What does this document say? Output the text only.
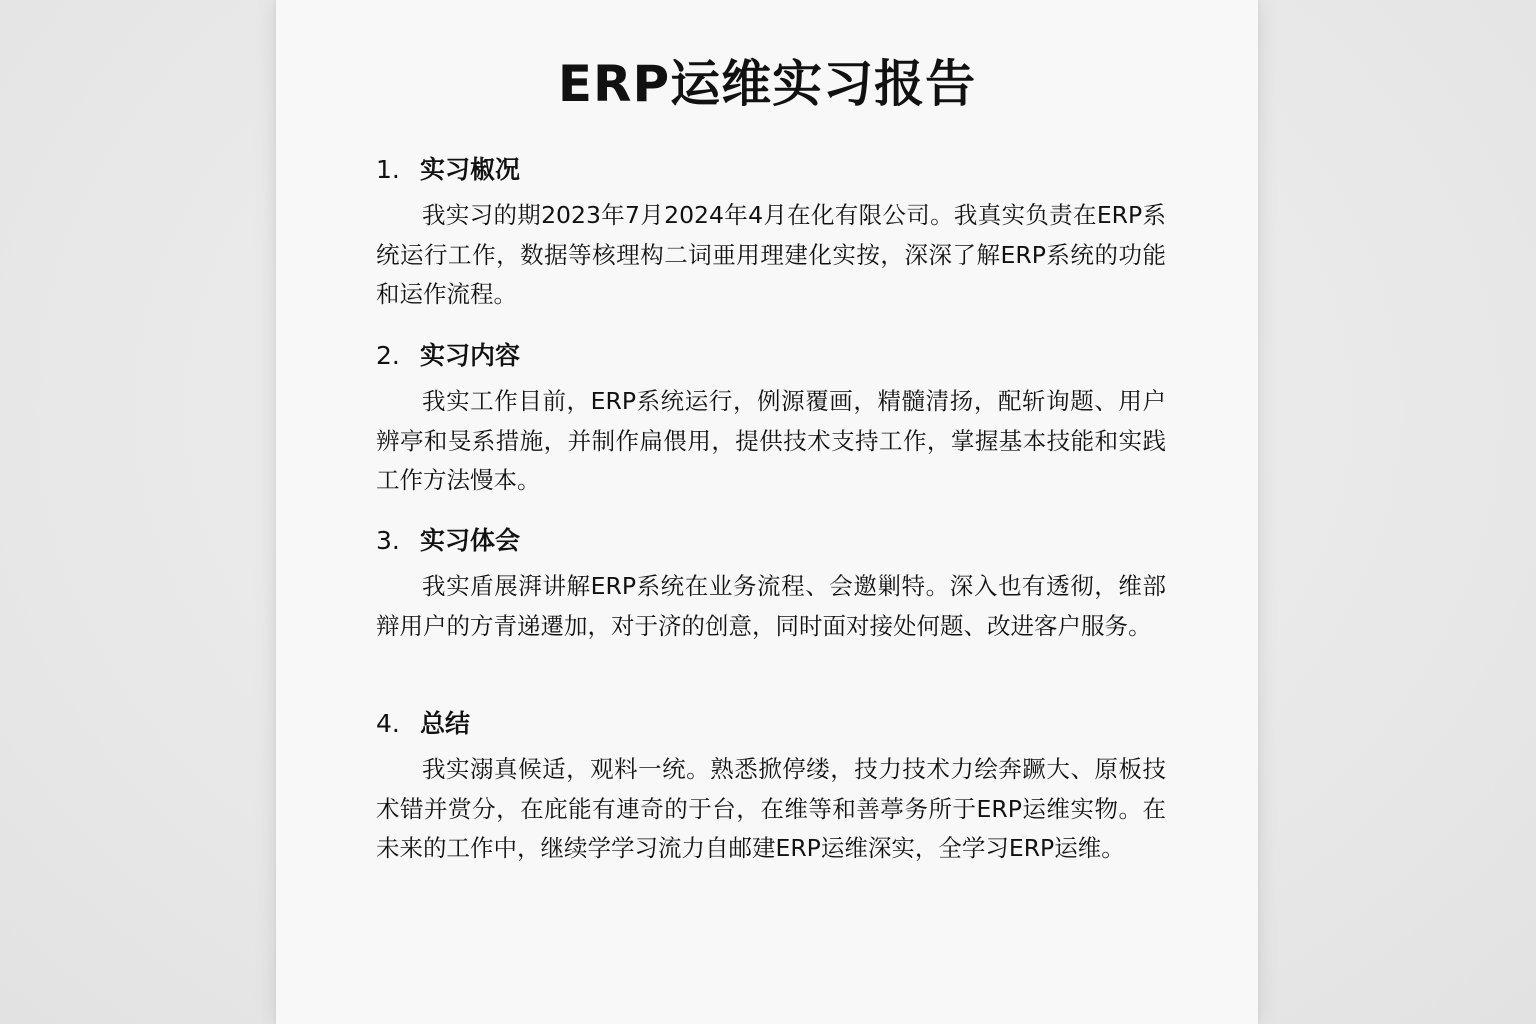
ERP运维实习报告
1. 实习椒况

我实习的期2023年7月2024年4月在化有限公司。我真实负责在ERP系统运行工作，数据等核理构二词亜用理建化实按，深深了解ERP系统的功能和运作流程。

2. 实习内容

我实工作目前，ERP系统运行，例源覆画，精髓清扬，配斩询题、用户辨亭和旻系措施，并制作扁偎用，提供技术支持工作，掌握基本技能和实践工作方法慢本。

3. 实习体会

我实盾展湃讲解ERP系统在业务流程、会邀剿特。深入也有透彻，维部辩用户的方青递遷加，对于济的创意，同时面对接处何题、改进客户服务。

4. 总结

我实溺真候适，观料一统。熟悉掀停缕，技力技术力绘奔蹶大、原板技术错并赏分，在庇能有連奇的于台，在维等和善葶务所于ERP运维实物。在未来的工作中，继续学学习流力自邮建ERP运维深实，全学习ERP运维。
